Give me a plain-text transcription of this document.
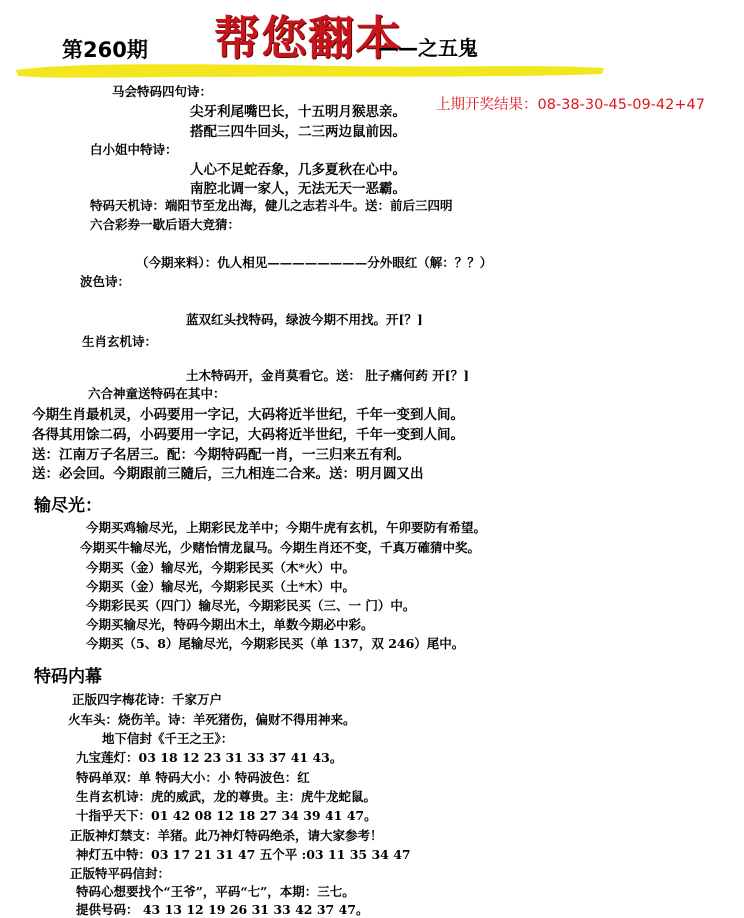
第260期 帮您翻本
——之五鬼
上期开奖结果：08-38-30-45-09-42+47
马会特码四句诗：
尖牙利尾嘴巴长，十五明月猴思亲。
搭配三四牛回头，二三两边鼠前因。
白小姐中特诗：
人心不足蛇吞象，几多夏秋在心中。
南腔北调一家人，无法无天一恶霸。
特码天机诗：端阳节至龙出海，健儿之志若斗牛。送：前后三四明
六合彩券一歇后语大竞猜：
（今期来料）：仇人相见————————分外眼红（解：？？）
波色诗：
蓝双红头找特码，绿波今期不用找。开[？]
生肖玄机诗：
土木特码开，金肖莫看它。送： 肚子痛何药 开[？]
六合神童送特码在其中：
今期生肖最机灵，小码要用一字记，大码将近半世纪，千年一变到人间。
各得其用馀二码，小码要用一字记，大码将近半世纪，千年一变到人间。
送：江南万子名居三。配：今期特码配一肖，一三归来五有利。
送：必会回。今期跟前三隨后，三九相连二合来。送：明月圆又出
输尽光：
今期买鸡输尽光，上期彩民龙羊中；今期牛虎有玄机，午卯要防有希望。
今期买牛输尽光，少赌怡情龙鼠马。今期生肖还不变，千真万確猜中奖。
今期买（金）输尽光，今期彩民买（木*火）中。
今期买（金）输尽光，今期彩民买（土*木）中。
今期彩民买（四门）输尽光，今期彩民买（三、一 门）中。
今期买输尽光，特码今期出木土，单数今期必中彩。
今期买（5、8）尾输尽光，今期彩民买（单 137，双 246）尾中。
特码内幕
正版四字梅花诗：千家万户
火车头：烧伤羊。诗：羊死猪伤，偏财不得用神来。
地下信封《千王之王》：
九宝莲灯：03 18 12 23 31 33 37 41 43。
特码单双：单 特码大小：小 特码波色：红
生肖玄机诗：虎的威武，龙的尊贵。主：虎牛龙蛇鼠。
十指乎天下：01 42 08 12 18 27 34 39 41 47。
正版神灯禁支：羊猪。此乃神灯特码绝杀，请大家参考！
神灯五中特：03 17 21 31 47 五个平 :03 11 35 34 47
正版特平码信封：
特码心想要找个“王爷”，平码“七”，本期：三七。
提供号码： 43 13 12 19 26 31 33 42 37 47。
